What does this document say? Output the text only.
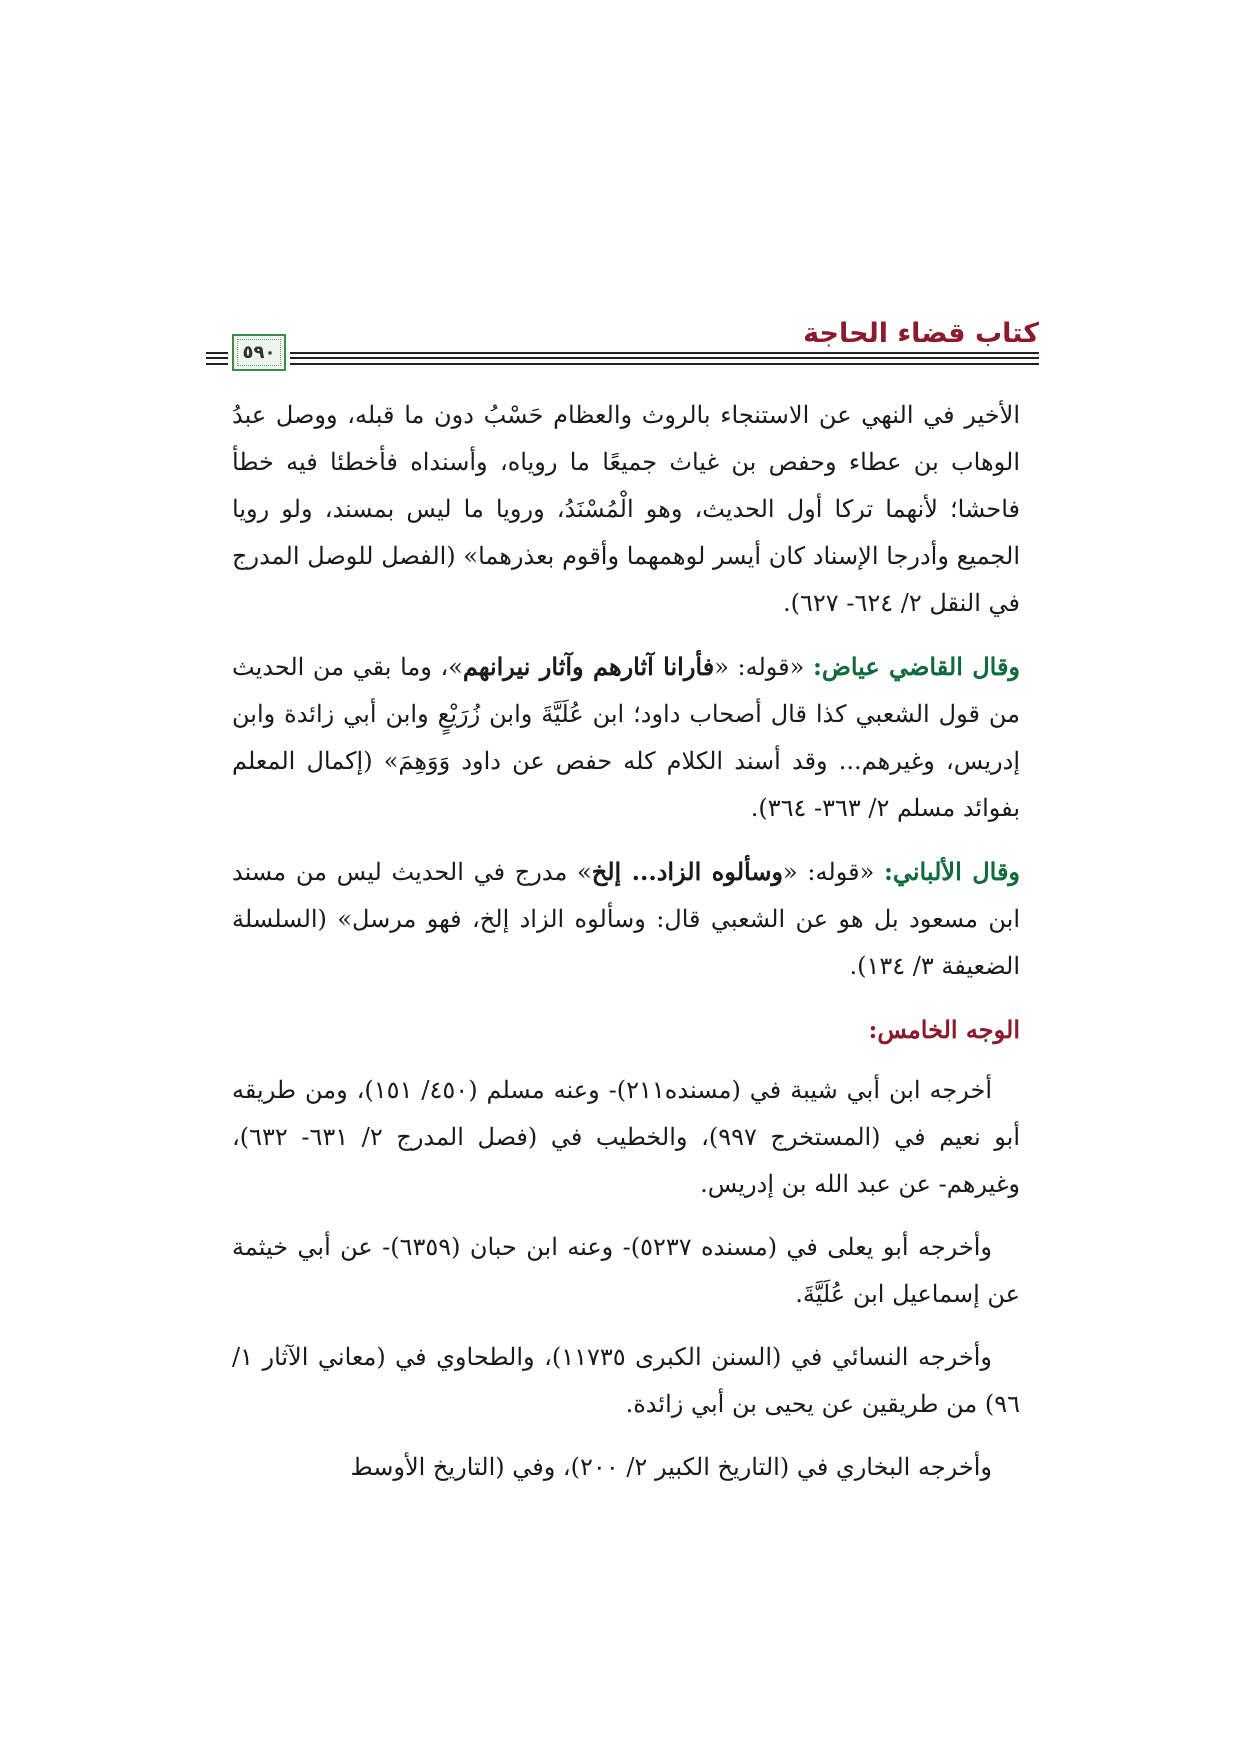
كتاب قضاء الحاجة
٥٩٠

الأخير في النهي عن الاستنجاء بالروث والعظام حَسْبُ دون ما قبله، ووصل عبدُ الوهاب بن عطاء وحفص بن غياث جميعًا ما روياه، وأسنداه فأخطئا فيه خطأ فاحشا؛ لأنهما تركا أول الحديث، وهو الْمُسْنَدُ، ورويا ما ليس بمسند، ولو رويا الجميع وأدرجا الإسناد كان أيسر لوهمهما وأقوم بعذرهما» (الفصل للوصل المدرج في النقل ٢/ ٦٢٤- ٦٢٧).

وقال القاضي عياض: «قوله: «فأرانا آثارهم وآثار نيرانهم»، وما بقي من الحديث من قول الشعبي كذا قال أصحاب داود؛ ابن عُلَيَّةَ وابن زُرَيْعٍ وابن أبي زائدة وابن إدريس، وغيرهم... وقد أسند الكلام كله حفص عن داود وَوَهِمَ» (إكمال المعلم بفوائد مسلم ٢/ ٣٦٣- ٣٦٤).

وقال الألباني: «قوله: «وسألوه الزاد... إلخ» مدرج في الحديث ليس من مسند ابن مسعود بل هو عن الشعبي قال: وسألوه الزاد إلخ، فهو مرسل» (السلسلة الضعيفة ٣/ ١٣٤).

الوجه الخامس:

أخرجه ابن أبي شيبة في (مسنده٢١١)- وعنه مسلم (٤٥٠/ ١٥١)، ومن طريقه أبو نعيم في (المستخرج ٩٩٧)، والخطيب في (فصل المدرج ٢/ ٦٣١- ٦٣٢)، وغيرهم- عن عبد الله بن إدريس.

وأخرجه أبو يعلى في (مسنده ٥٢٣٧)- وعنه ابن حبان (٦٣٥٩)- عن أبي خيثمة عن إسماعيل ابن عُلَيَّةَ.

وأخرجه النسائي في (السنن الكبرى ١١٧٣٥)، والطحاوي في (معاني الآثار ١/ ٩٦) من طريقين عن يحيى بن أبي زائدة.

وأخرجه البخاري في (التاريخ الكبير ٢/ ٢٠٠)، وفي (التاريخ الأوسط
